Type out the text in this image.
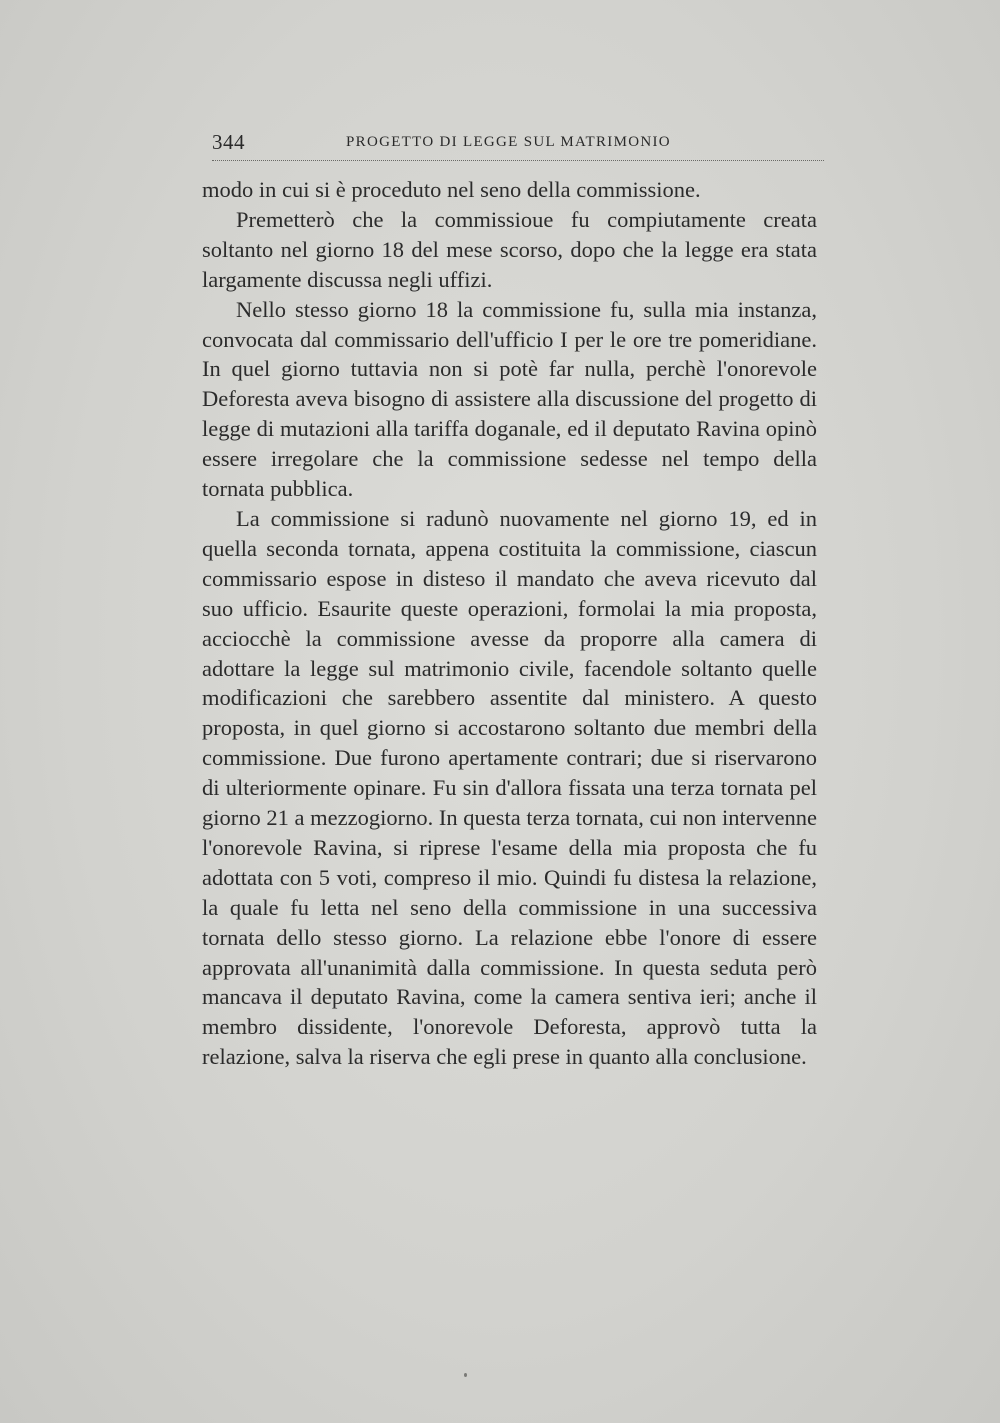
344	PROGETTO DI LEGGE SUL MATRIMONIO

modo in cui si è proceduto nel seno della commissione.

Premetterò che la commissioue fu compiutamente creata soltanto nel giorno 18 del mese scorso, dopo che la legge era stata largamente discussa negli uffizi.

Nello stesso giorno 18 la commissione fu, sulla mia instanza, convocata dal commissario dell'ufficio I per le ore tre pomeridiane. In quel giorno tuttavia non si potè far nulla, perchè l'onorevole Deforesta aveva bisogno di assistere alla discussione del progetto di legge di mutazioni alla tariffa doganale, ed il deputato Ravina opinò essere irregolare che la commissione sedesse nel tempo della tornata pubblica.

La commissione si radunò nuovamente nel giorno 19, ed in quella seconda tornata, appena costituita la commissione, ciascun commissario espose in disteso il mandato che aveva ricevuto dal suo ufficio. Esaurite queste operazioni, formolai la mia proposta, acciocchè la commissione avesse da proporre alla camera di adottare la legge sul matrimonio civile, facendole soltanto quelle modificazioni che sarebbero assentite dal ministero. A questo proposta, in quel giorno si accostarono soltanto due membri della commissione. Due furono apertamente contrari; due si riservarono di ulteriormente opinare. Fu sin d'allora fissata una terza tornata pel giorno 21 a mezzogiorno. In questa terza tornata, cui non intervenne l'onorevole Ravina, si riprese l'esame della mia proposta che fu adottata con 5 voti, compreso il mio. Quindi fu distesa la relazione, la quale fu letta nel seno della commissione in una successiva tornata dello stesso giorno. La relazione ebbe l'onore di essere approvata all'unanimità dalla commissione. In questa seduta però mancava il deputato Ravina, come la camera sentiva ieri; anche il membro dissidente, l'onorevole Deforesta, approvò tutta la relazione, salva la riserva che egli prese in quanto alla conclusione.
